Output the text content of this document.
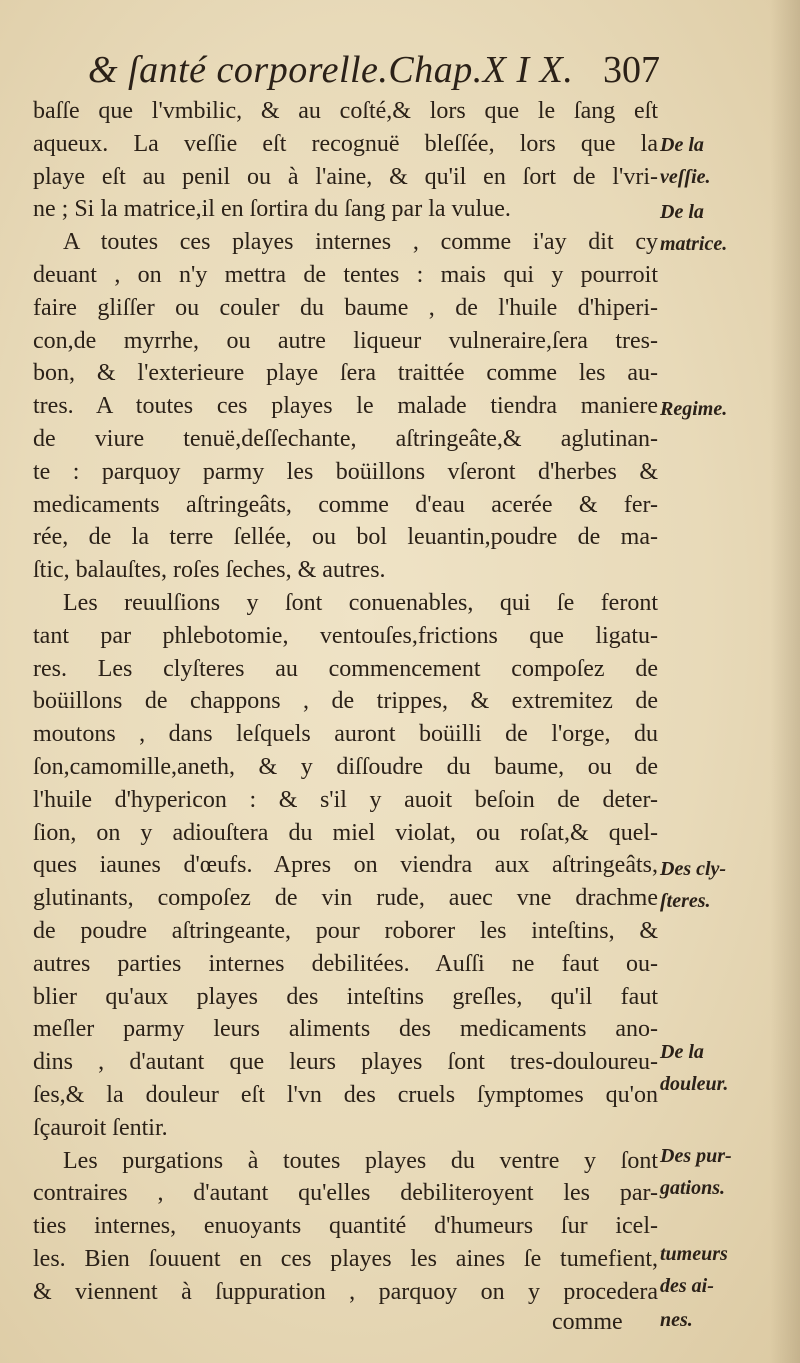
& ſanté corporelle.Chap.X I X. 307
baſſe que l'vmbilic, & au coſté,& lors que le ſang eſt
aqueux. La veſſie eſt recognuë bleſſée, lors que la
playe eſt au penil ou à l'aine, & qu'il en ſort de l'vri-
ne ; Si la matrice,il en ſortira du ſang par la vulue.
A toutes ces playes internes , comme i'ay dit cy
deuant , on n'y mettra de tentes : mais qui y pourroit
faire gliſſer ou couler du baume , de l'huile d'hiperi-
con,de myrrhe, ou autre liqueur vulneraire,ſera tres-
bon, & l'exterieure playe ſera traittée comme les au-
tres. A toutes ces playes le malade tiendra maniere
de viure tenuë,deſſechante, aſtringeâte,& aglutinan-
te : parquoy parmy les boüillons vſeront d'herbes &
medicaments aſtringeâts, comme d'eau acerée & fer-
rée, de la terre ſellée, ou bol leuantin,poudre de ma-
ſtic, balauſtes, roſes ſeches, & autres.
Les reuulſions y ſont conuenables, qui ſe feront
tant par phlebotomie, ventouſes,frictions que ligatu-
res. Les clyſteres au commencement compoſez de
boüillons de chappons , de trippes, & extremitez de
moutons , dans leſquels auront boüilli de l'orge, du
ſon,camomille,aneth, & y diſſoudre du baume, ou de
l'huile d'hypericon : & s'il y auoit beſoin de deter-
ſion, on y adiouſtera du miel violat, ou roſat,& quel-
ques iaunes d'œufs. Apres on viendra aux aſtringeâts,
glutinants, compoſez de vin rude, auec vne drachme
de poudre aſtringeante, pour roborer les inteſtins, &
autres parties internes debilitées. Auſſi ne faut ou-
blier qu'aux playes des inteſtins greſles, qu'il faut
meſler parmy leurs aliments des medicaments ano-
dins , d'autant que leurs playes ſont tres-douloureu-
ſes,& la douleur eſt l'vn des cruels ſymptomes qu'on
ſçauroit ſentir.
Les purgations à toutes playes du ventre y ſont
contraires , d'autant qu'elles debiliteroyent les par-
ties internes, enuoyants quantité d'humeurs ſur icel-
les. Bien ſouuent en ces playes les aines ſe tumefient,
& viennent à ſuppuration , parquoy on y procedera
De la
veſſie.
De la
matrice.
Regime.
Des cly-
ſteres.
De la
douleur.
Des pur-
gations.
tumeurs
des ai-
nes.
comme
